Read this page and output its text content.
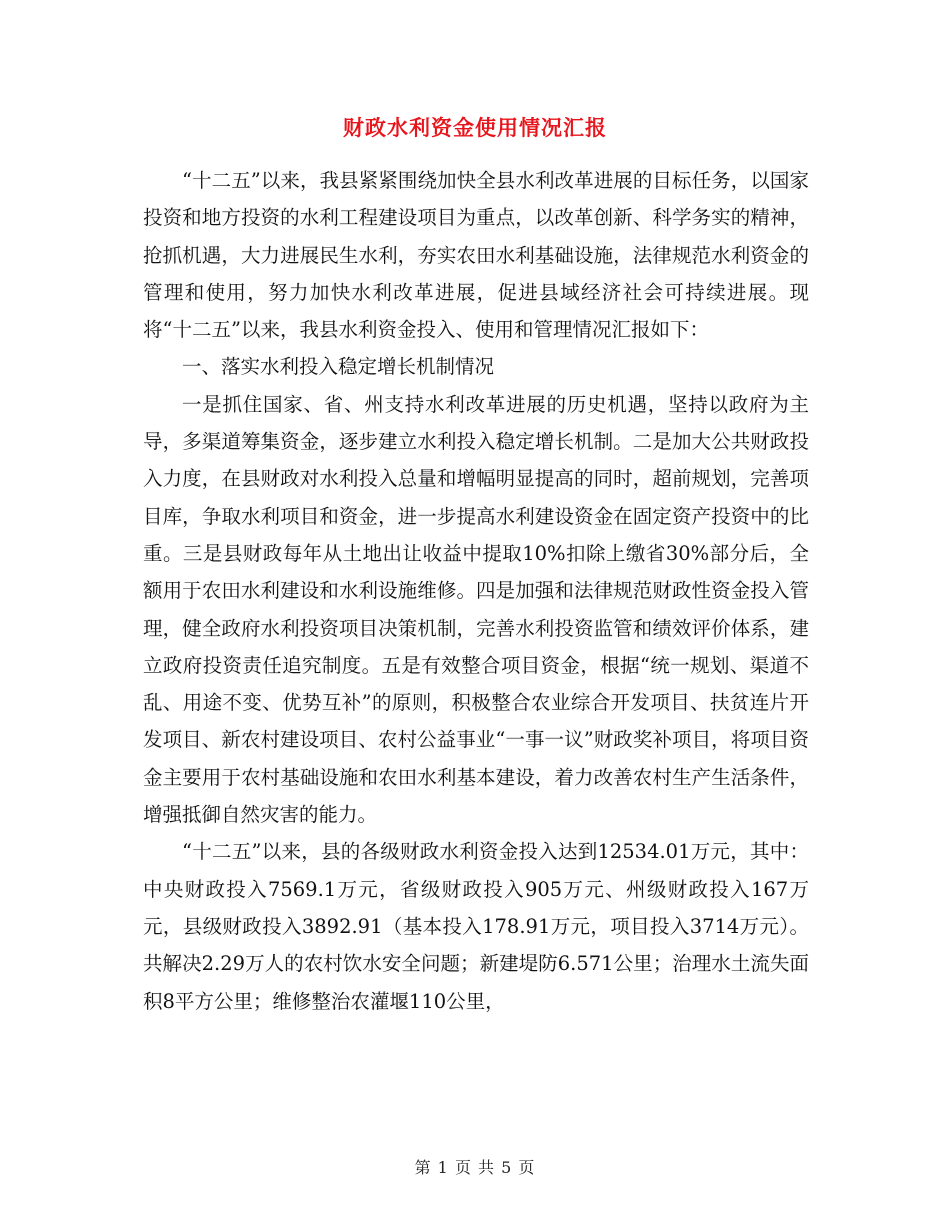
财政水利资金使用情况汇报

“十二五”以来，我县紧紧围绕加快全县水利改革进展的目标任务，以国家投资和地方投资的水利工程建设项目为重点，以改革创新、科学务实的精神，抢抓机遇，大力进展民生水利，夯实农田水利基础设施，法律规范水利资金的管理和使用，努力加快水利改革进展，促进县域经济社会可持续进展。现将“十二五”以来，我县水利资金投入、使用和管理情况汇报如下：

一、落实水利投入稳定增长机制情况

一是抓住国家、省、州支持水利改革进展的历史机遇，坚持以政府为主导，多渠道筹集资金，逐步建立水利投入稳定增长机制。二是加大公共财政投入力度，在县财政对水利投入总量和增幅明显提高的同时，超前规划，完善项目库，争取水利项目和资金，进一步提高水利建设资金在固定资产投资中的比重。三是县财政每年从土地出让收益中提取10%扣除上缴省30%部分后，全额用于农田水利建设和水利设施维修。四是加强和法律规范财政性资金投入管理，健全政府水利投资项目决策机制，完善水利投资监管和绩效评价体系，建立政府投资责任追究制度。五是有效整合项目资金，根据“统一规划、渠道不乱、用途不变、优势互补”的原则，积极整合农业综合开发项目、扶贫连片开发项目、新农村建设项目、农村公益事业“一事一议”财政奖补项目，将项目资金主要用于农村基础设施和农田水利基本建设，着力改善农村生产生活条件，增强抵御自然灾害的能力。

“十二五”以来，县的各级财政水利资金投入达到12534.01万元，其中：中央财政投入7569.1万元，省级财政投入905万元、州级财政投入167万元，县级财政投入3892.91（基本投入178.91万元，项目投入3714万元）。共解决2.29万人的农村饮水安全问题；新建堤防6.571公里；治理水土流失面积8平方公里；维修整治农灌堰110公里，

第 1 页 共 5 页
